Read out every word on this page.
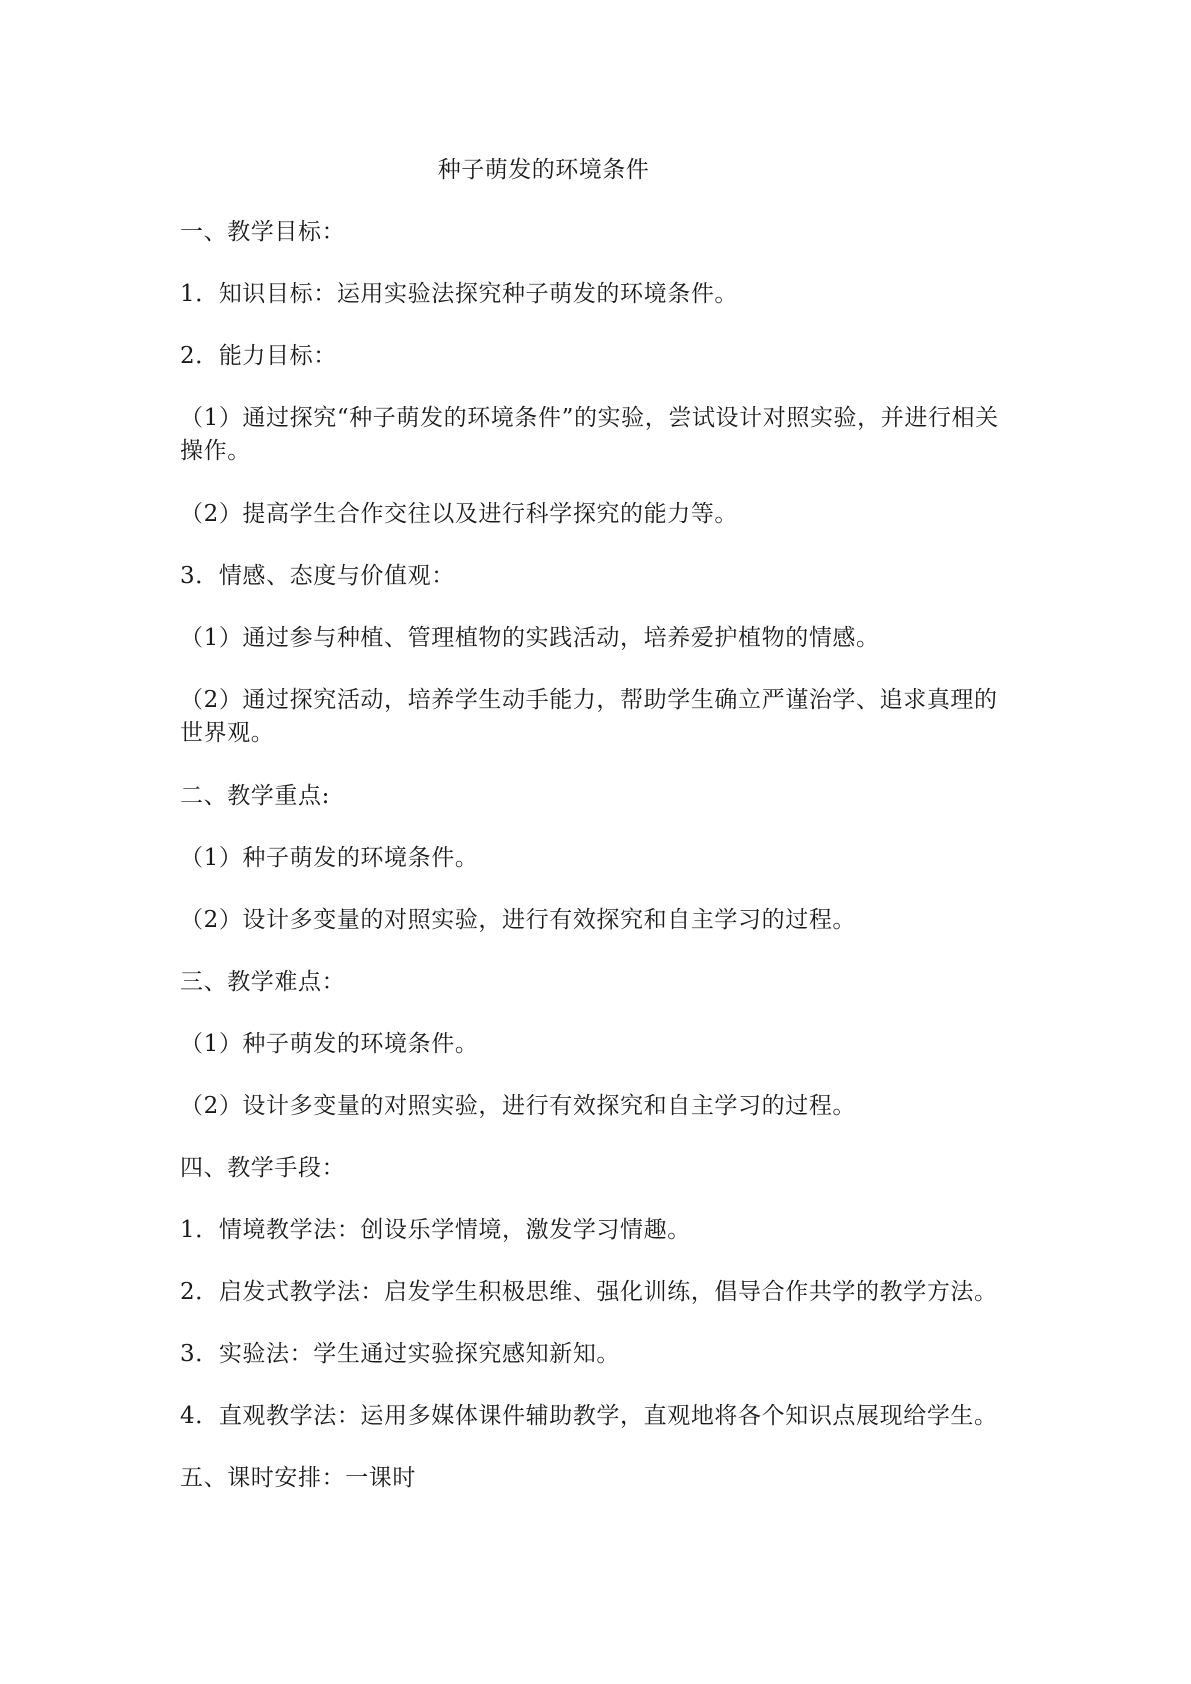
种子萌发的环境条件

一、教学目标：

1．知识目标：运用实验法探究种子萌发的环境条件。

2．能力目标：

（1）通过探究“种子萌发的环境条件”的实验，尝试设计对照实验，并进行相关操作。

（2）提高学生合作交往以及进行科学探究的能力等。

3．情感、态度与价值观：

（1）通过参与种植、管理植物的实践活动，培养爱护植物的情感。

（2）通过探究活动，培养学生动手能力，帮助学生确立严谨治学、追求真理的世界观。

二、教学重点:

（1）种子萌发的环境条件。

（2）设计多变量的对照实验，进行有效探究和自主学习的过程。

三、教学难点：

（1）种子萌发的环境条件。

（2）设计多变量的对照实验，进行有效探究和自主学习的过程。

四、教学手段：

1．情境教学法：创设乐学情境，激发学习情趣。

2．启发式教学法：启发学生积极思维、强化训练，倡导合作共学的教学方法。

3．实验法：学生通过实验探究感知新知。

4．直观教学法：运用多媒体课件辅助教学，直观地将各个知识点展现给学生。

五、课时安排：一课时
